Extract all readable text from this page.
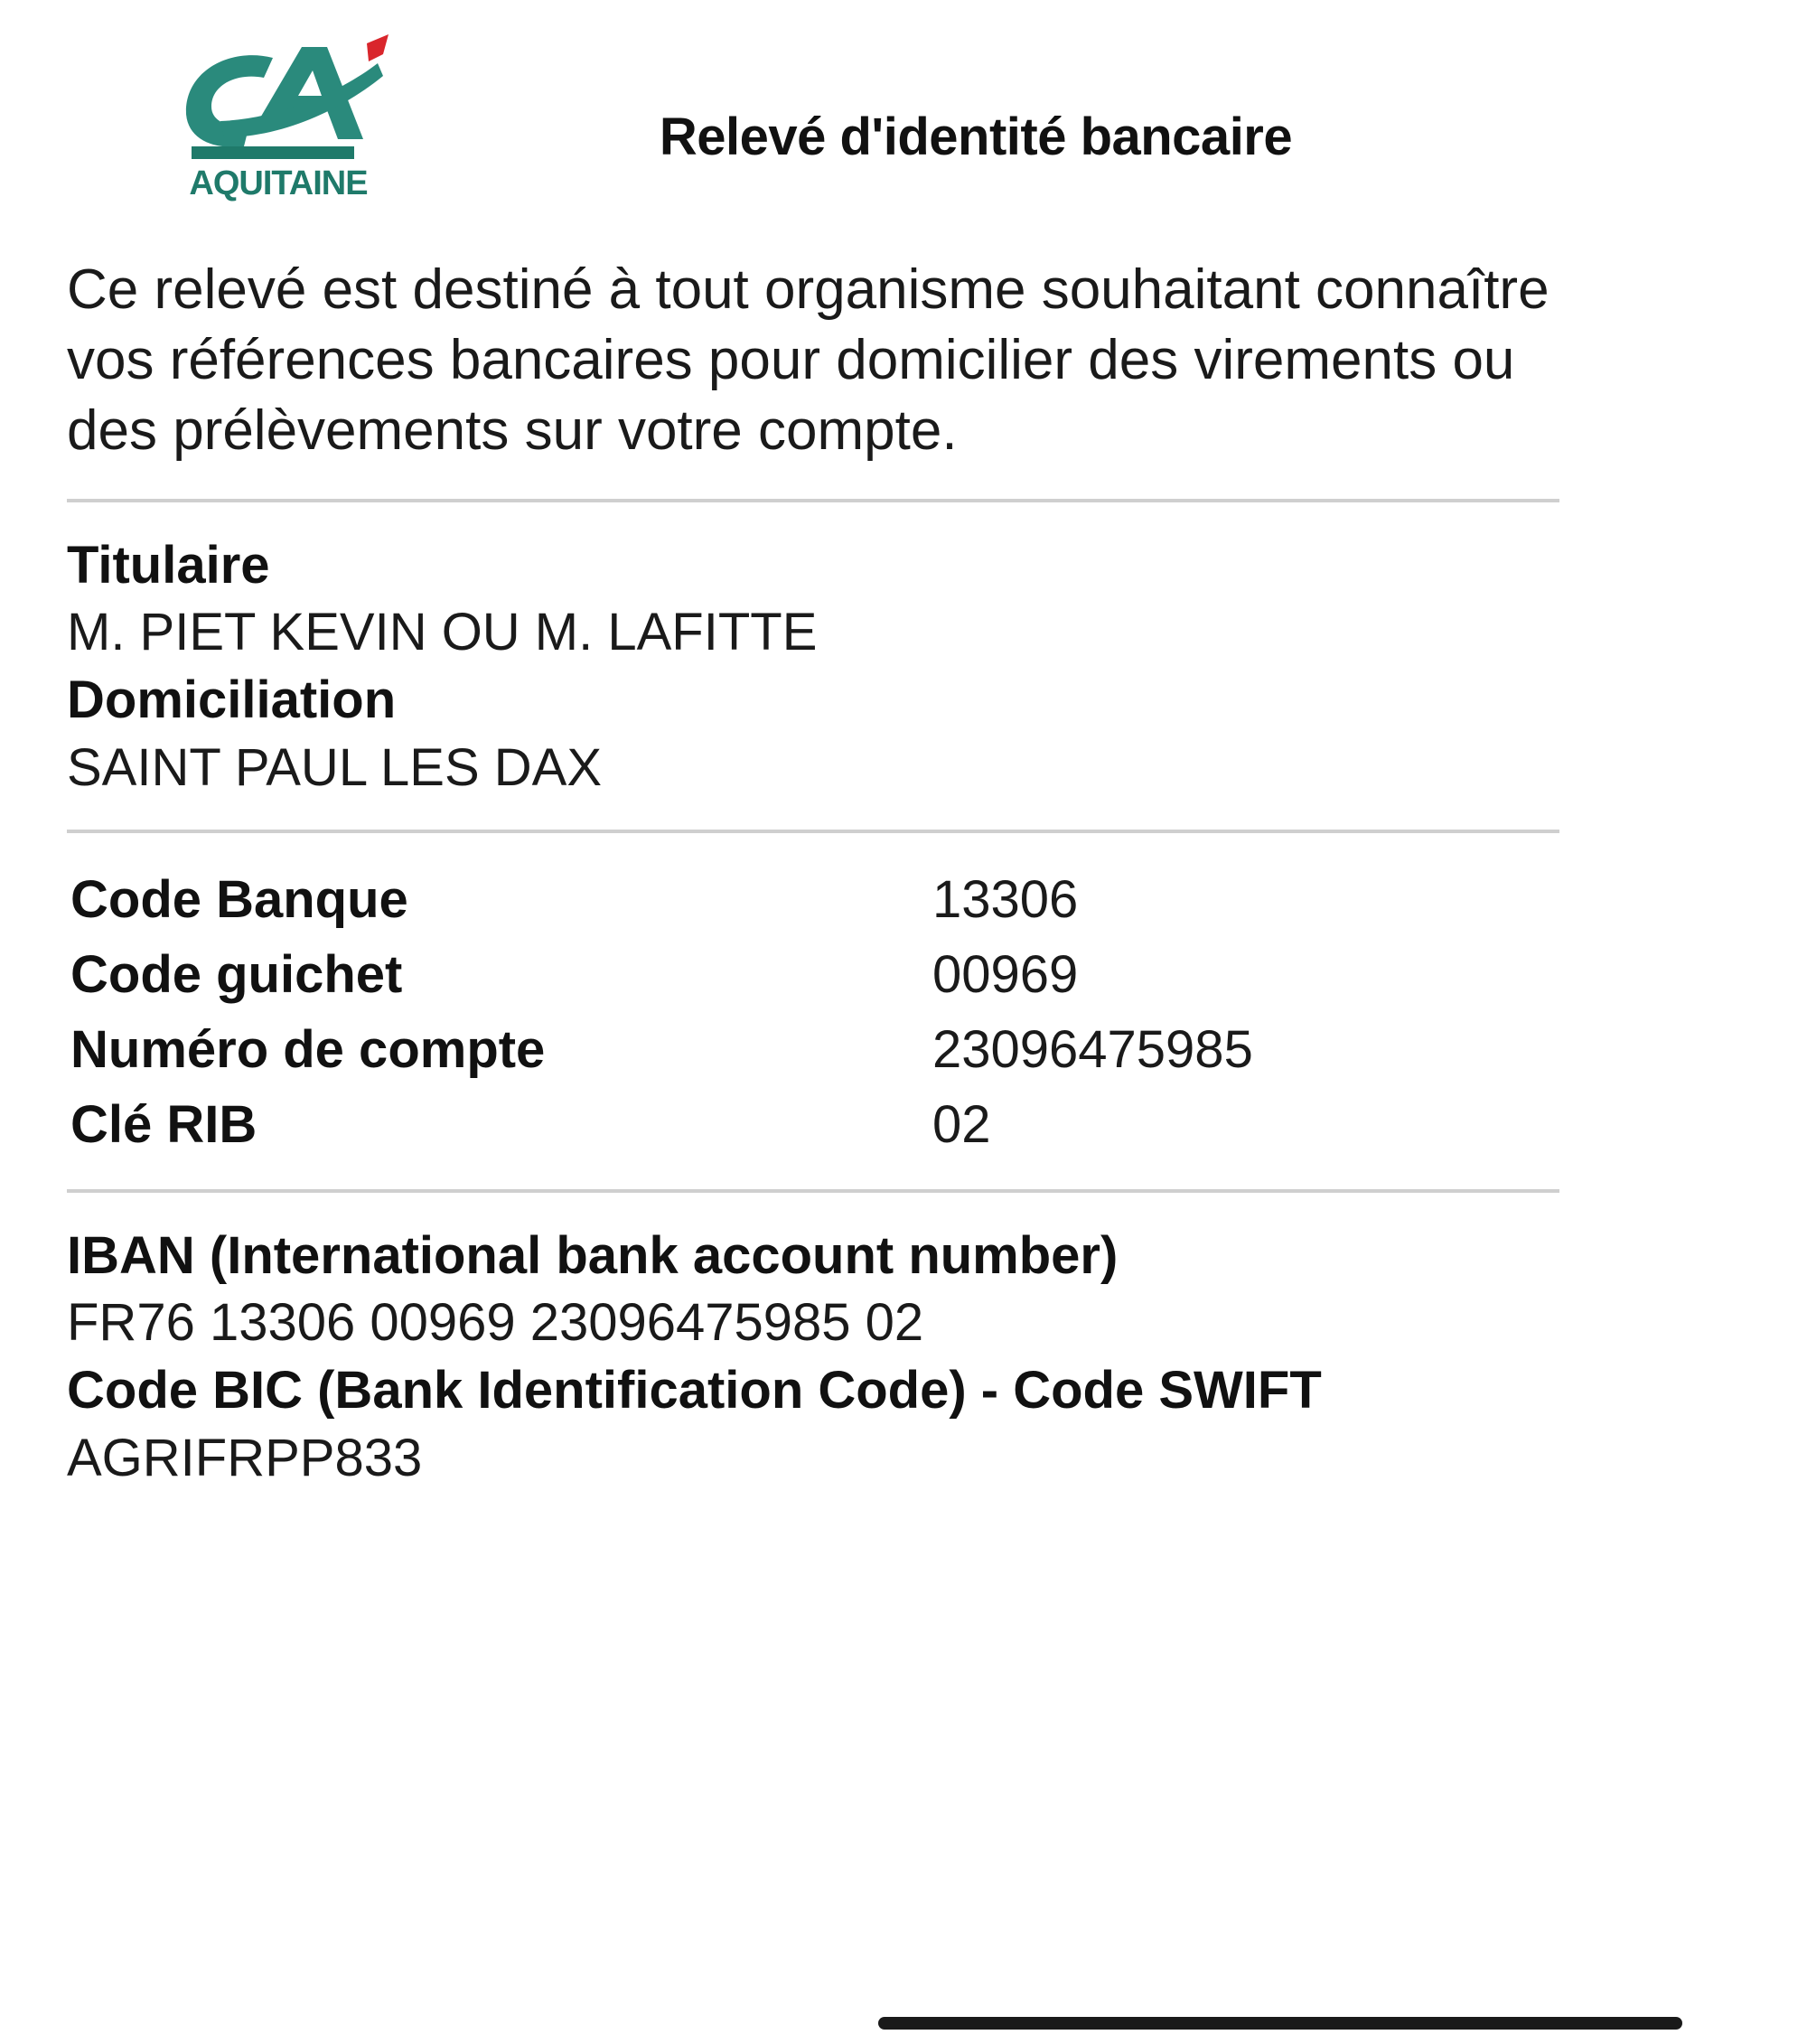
AQUITAINE
Relevé d'identité bancaire
Ce relevé est destiné à tout organisme souhaitant connaître vos références bancaires pour domicilier des virements ou des prélèvements sur votre compte.
Titulaire
M. PIET KEVIN OU M. LAFITTE
Domiciliation
SAINT PAUL LES DAX
Code Banque	13306
Code guichet	00969
Numéro de compte	23096475985
Clé RIB	02
IBAN (International bank account number)
FR76 13306 00969 23096475985 02
Code BIC (Bank Identification Code) - Code SWIFT
AGRIFRPP833
